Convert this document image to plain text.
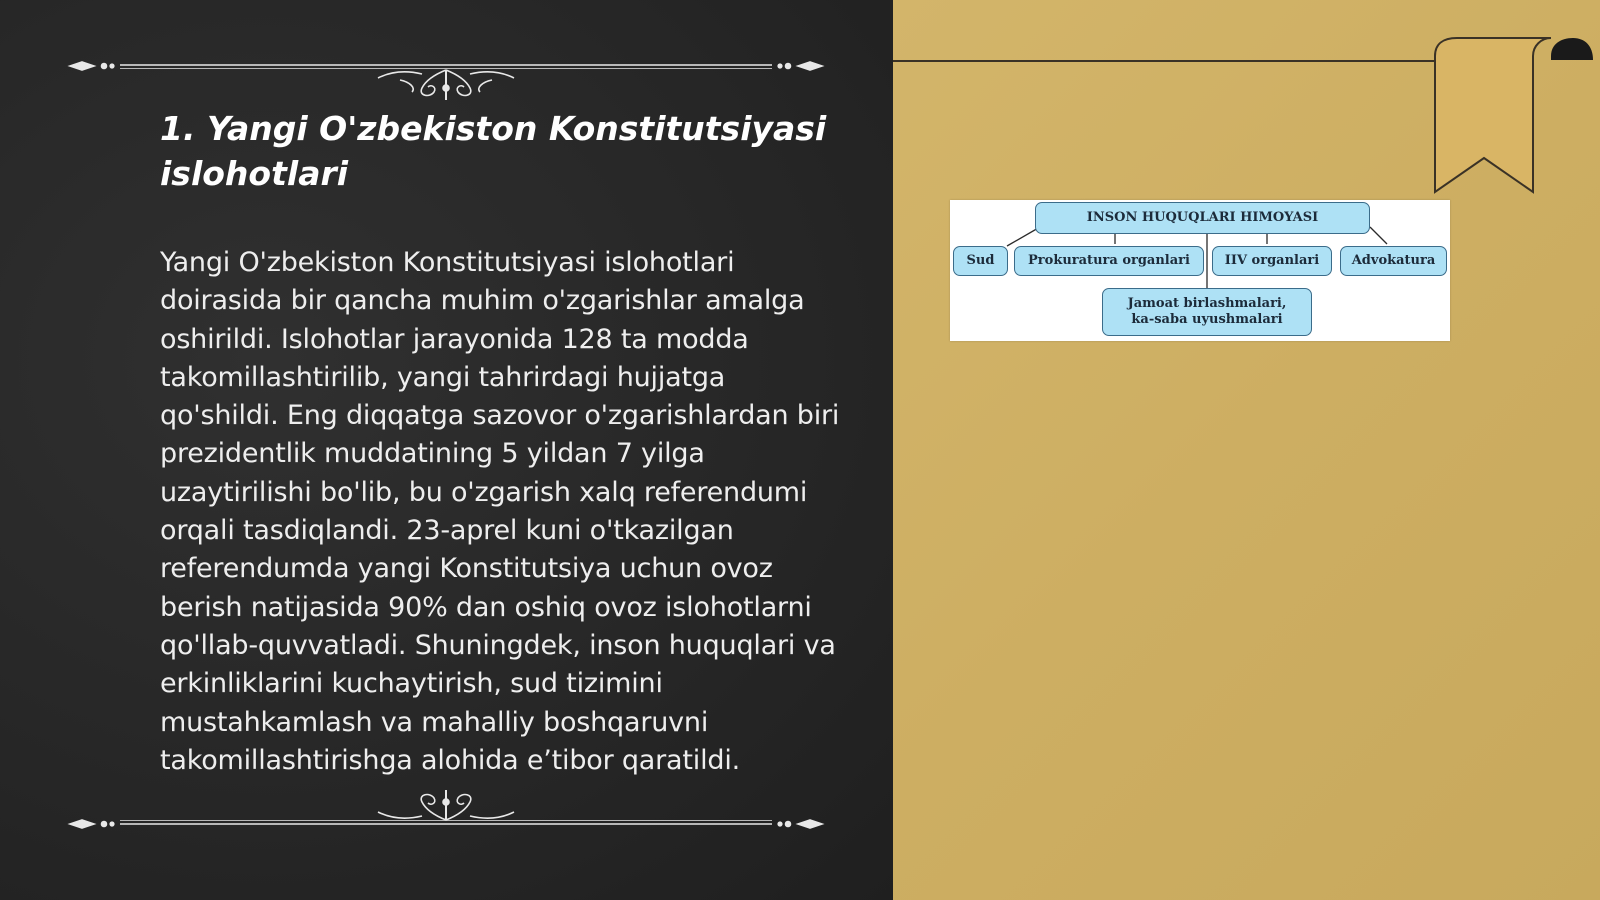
1. Yangi O'zbekiston Konstitutsiyasi islohotlari

Yangi O'zbekiston Konstitutsiyasi islohotlari doirasida bir qancha muhim o'zgarishlar amalga oshirildi. Islohotlar jarayonida 128 ta modda takomillashtirilib, yangi tahrirdagi hujjatga qo'shildi. Eng diqqatga sazovor o'zgarishlardan biri prezidentlik muddatining 5 yildan 7 yilga uzaytirilishi bo'lib, bu o'zgarish xalq referendumi orqali tasdiqlandi. 23-aprel kuni o'tkazilgan referendumda yangi Konstitutsiya uchun ovoz berish natijasida 90% dan oshiq ovoz islohotlarni qo'llab-quvvatladi. Shuningdek, inson huquqlari va erkinliklarini kuchaytirish, sud tizimini mustahkamlash va mahalliy boshqaruvni takomillashtirishga alohida e’tibor qaratildi.

INSON HUQUQLARI HIMOYASI
Sud	Prokuratura organlari	IIV organlari	Advokatura
Jamoat birlashmalari, ka-saba uyushmalari
